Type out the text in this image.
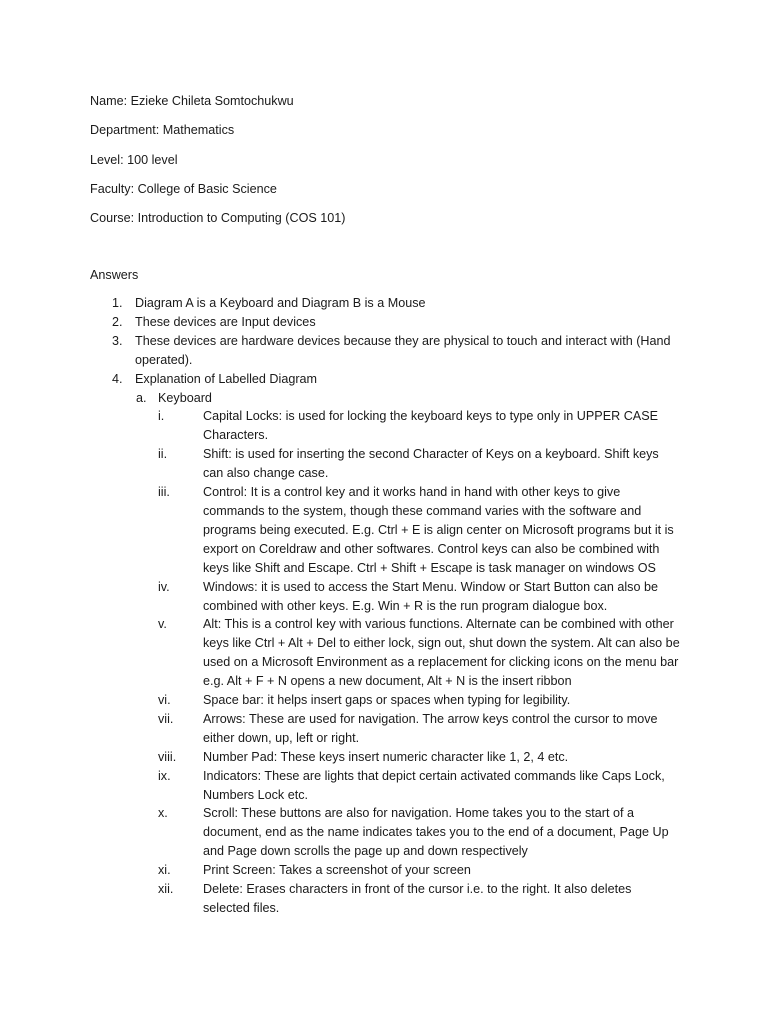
Name: Ezieke Chileta Somtochukwu

Department: Mathematics

Level: 100 level

Faculty: College of Basic Science

Course: Introduction to Computing (COS 101)

Answers

1. Diagram A is a Keyboard and Diagram B is a Mouse
2. These devices are Input devices
3. These devices are hardware devices because they are physical to touch and interact with (Hand operated).
4. Explanation of Labelled Diagram
a. Keyboard
i.	Capital Locks: is used for locking the keyboard keys to type only in UPPER CASE Characters.
ii.	Shift: is used for inserting the second Character of Keys on a keyboard. Shift keys can also change case.
iii.	Control: It is a control key and it works hand in hand with other keys to give commands to the system, though these command varies with the software and programs being executed. E.g. Ctrl + E is align center on Microsoft programs but it is export on Coreldraw and other softwares. Control keys can also be combined with keys like Shift and Escape. Ctrl + Shift + Escape is task manager on windows OS
iv.	Windows: it is used to access the Start Menu. Window or Start Button can also be combined with other keys. E.g. Win + R is the run program dialogue box.
v.	Alt: This is a control key with various functions. Alternate can be combined with other keys like Ctrl + Alt + Del to either lock, sign out, shut down the system. Alt can also be used on a Microsoft Environment as a replacement for clicking icons on the menu bar e.g. Alt + F + N opens a new document, Alt + N is the insert ribbon
vi.	Space bar: it helps insert gaps or spaces when typing for legibility.
vii. Arrows: These are used for navigation. The arrow keys control the cursor to move either down, up, left or right.
viii. Number Pad: These keys insert numeric character like 1, 2, 4 etc.
ix.	Indicators: These are lights that depict certain activated commands like Caps Lock, Numbers Lock etc.
x.	Scroll: These buttons are also for navigation. Home takes you to the start of a document, end as the name indicates takes you to the end of a document, Page Up and Page down scrolls the page up and down respectively
xi.	Print Screen: Takes a screenshot of your screen
xii. Delete: Erases characters in front of the cursor i.e. to the right. It also deletes selected files.
